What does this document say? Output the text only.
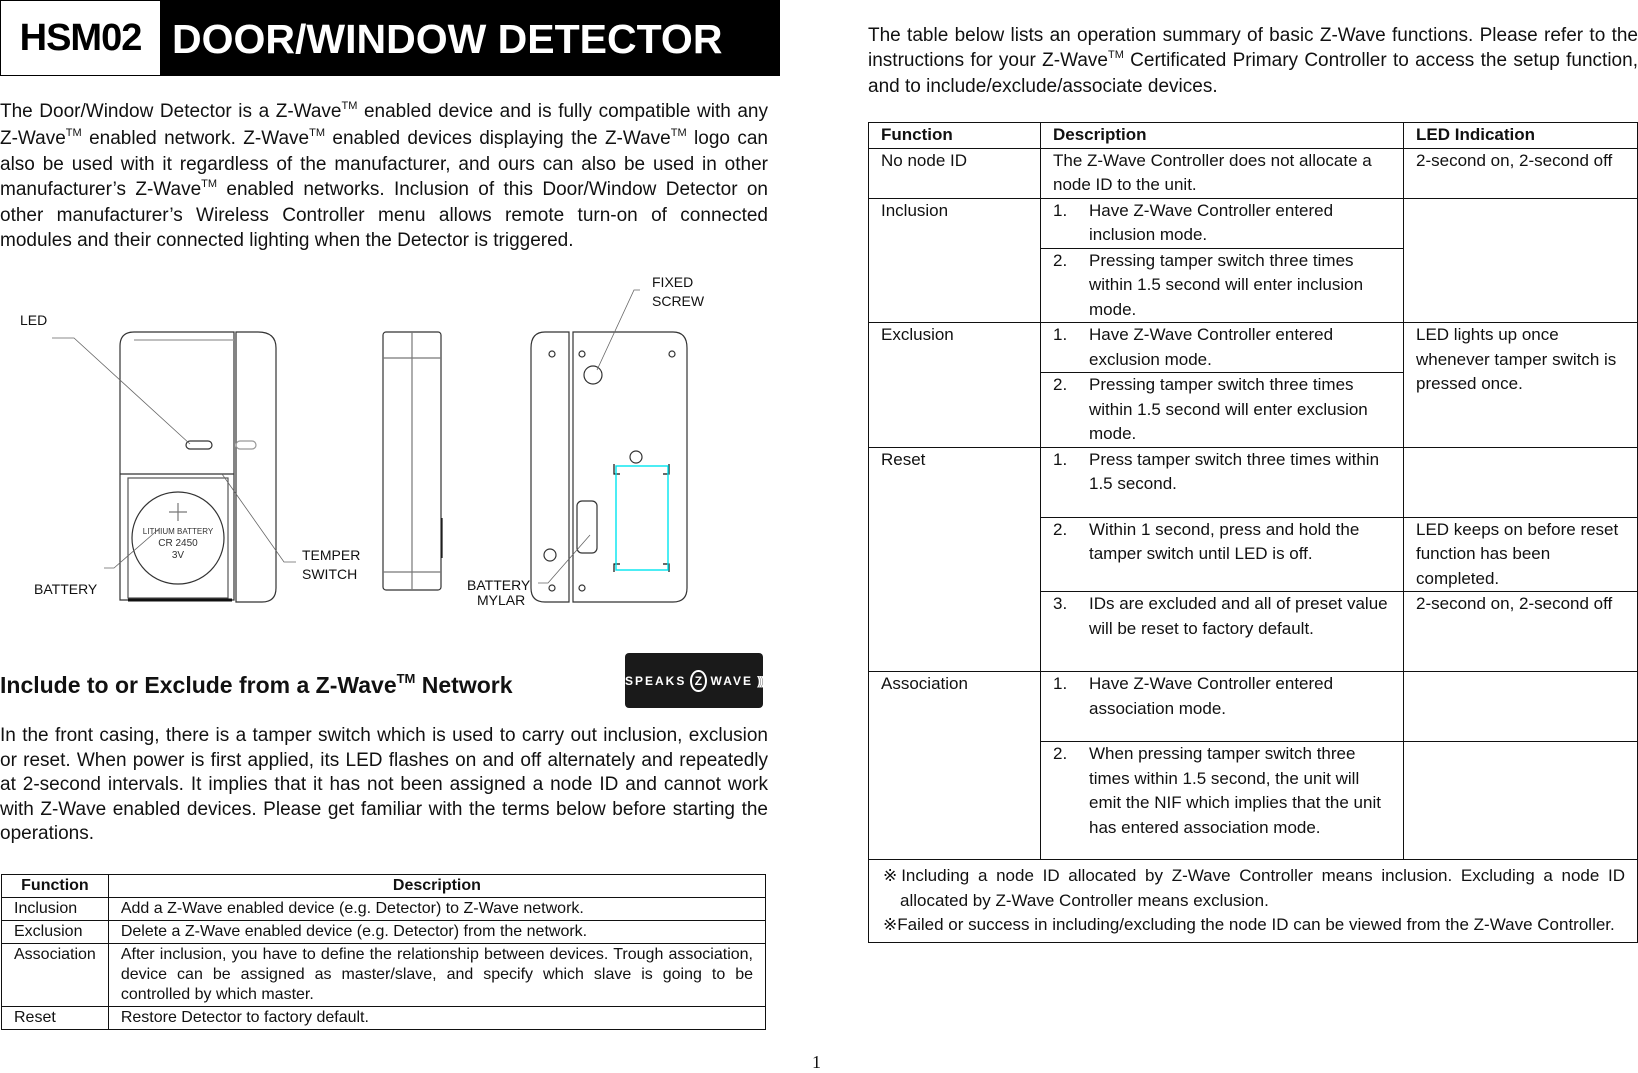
HSM02 DOOR/WINDOW DETECTOR
The Door/Window Detector is a Z-Wave™ enabled device and is fully compatible with any Z-Wave™ enabled network. Z-Wave™ enabled devices displaying the Z-Wave™ logo can also be used with it regardless of the manufacturer, and ours can also be used in other manufacturer’s Z-Wave™ enabled networks. Inclusion of this Door/Window Detector on other manufacturer’s Wireless Controller menu allows remote turn-on of connected modules and their connected lighting when the Detector is triggered.
LITHIUM BATTERY
CR 2450
3V
LED
BATTERY
TEMPER
SWITCH
FIXED
SCREW
BATTERY
MYLAR
Include to or Exclude from a Z-Wave™ Network	SPEAKS Z WAVE )))
In the front casing, there is a tamper switch which is used to carry out inclusion, exclusion or reset. When power is first applied, its LED flashes on and off alternately and repeatedly at 2-second intervals. It implies that it has not been assigned a node ID and cannot work with Z-Wave enabled devices. Please get familiar with the terms below before starting the operations.
Function	Description
Inclusion	Add a Z-Wave enabled device (e.g. Detector) to Z-Wave network.
Exclusion	Delete a Z-Wave enabled device (e.g. Detector) from the network.
Association	After inclusion, you have to define the relationship between devices. Trough association, device can be assigned as master/slave, and specify which slave is going to be controlled by which master.
Reset	Restore Detector to factory default.
1
The table below lists an operation summary of basic Z-Wave functions. Please refer to the instructions for your Z-Wave™ Certificated Primary Controller to access the setup function, and to include/exclude/associate devices.
Function	Description	LED Indication
No node ID	The Z-Wave Controller does not allocate a node ID to the unit.	2-second on, 2-second off
Inclusion	1. Have Z-Wave Controller entered inclusion mode.	

	2. Pressing tamper switch three times within 1.5 second will enter inclusion mode.	

Exclusion	1. Have Z-Wave Controller entered exclusion mode.	LED lights up once whenever tamper switch is pressed once.

	2. Pressing tamper switch three times within 1.5 second will enter exclusion mode.	

Reset	1. Press tamper switch three times within 1.5 second.	

	2. Within 1 second, press and hold the tamper switch until LED is off.	LED keeps on before reset function has been completed.

	3. IDs are excluded and all of preset value will be reset to factory default.	2-second on, 2-second off
Association	1. Have Z-Wave Controller entered association mode.	

	2. When pressing tamper switch three times within 1.5 second, the unit will emit the NIF which implies that the unit has entered association mode.	

※Including a node ID allocated by Z-Wave Controller means inclusion. Excluding a node ID allocated by Z-Wave Controller means exclusion.
※Failed or success in including/excluding the node ID can be viewed from the Z-Wave Controller.		
